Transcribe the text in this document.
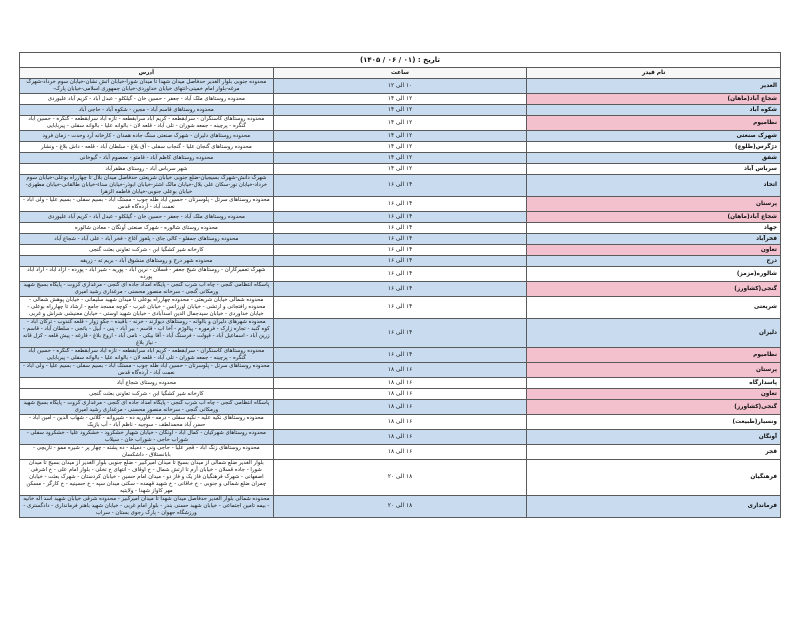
تاریخ : (۰۱ / ۰۶ / ۱۴۰۵)		
نام فیدر	ساعت	آدرس
الغدیر	۱۰ الی ۱۲	محدوده جنوبی بلوار الغدیر حدفاصل میدان شهدا تا میدان شورا-خیابان آتش نشان-خیابان سوم خرداد-شهرک مرغه-بلوار امام خمینی-انتهای خیابان خداوردی-خیابان جمهوری اسلامی-خیابان پارک-
شجاع آباد(ماهان)	۱۲ الی ۱۴	محدوده روستاهای ملک آباد - جعفر - حسین خان - گیلکلو - عبدل آباد - کریم آباد علیوردی
شکوه آباد	۱۲ الی ۱۴	محدوده روستاهای قاسم آباد - مجین - شکوه آباد - حاجی آباد
نظامیوم	۱۲ الی ۱۴	محدوده روستاهای کاسنگران - سرابقطعه - کریم آباد سرابقطعه - تازه آباد سرابقطعه - گنگره - حسین آباد گنگره - پرچینه - جمعه شوران - تلی آباد - قلعه لان - بالوانه علیا - بالوانه سفلی - پیربابایی
شهرک صنعتی	۱۲ الی ۱۴	محدوده روستاهای دلیران - شهرک صنعتی سنگ جاده همدان - کارخانه آرد وحدت - زمان فرود
دژگرس(طلوع)	۱۲ الی ۱۴	محدوده روستاهای گنجان علیا - گنجاب سفلی - آق بلاغ - سلطان آباد - قلعه - داش بلاغ - ونشار
شفق	۱۲ الی ۱۴	محدوده روستاهای کاظم آباد - قامتو - معصوم آباد - گیوخانی
سرباس آباد	۱۲ الی ۱۴	شهر سرباس آباد - روستای مظفرآباد
اتحاد	۱۴ الی ۱۶	شهرک دانش-شهرک بسیجیان-ضلع جنوبی خیابان شریعتی حدفاصل میدان بلال تا چهارراه بوعلی-خیابان سوم خرداد-خیابان نور-سکان علی بلال-خیابان مالک اشتر-خیابان ابوذر-خیابان سناء-خیابان طالقانی-خیابان مطهری-خیابان بوعلی جنوبی-خیابان فاطمه الزهرا
پرستان	۱۴ الی ۱۶	محدوده روستاهای سرتل - پلوسرتان - حسین آباد طله جوب - مستک آباد - بسیم سفلی - بسیم علیا - ولی آباد - نعمت آباد - آرده‌گاه قدس
شجاع آباد(ماهان)	۱۴ الی ۱۶	محدوده روستاهای ملک آباد - جعفر - حسین خان - گیلکلو - عبدل آباد - کریم آباد علیوردی
جهاد	۱۴ الی ۱۶	محدوده روستای شالوره - شهرک صنعتی آونگان - معادن شالوره
فخرآباد	۱۴ الی ۱۶	محدوده روستاهای جمقلو - کالی جای - پلغوز آغاج - فخر آباد - علی آباد - شجاع آباد
تعاون	۱۴ الی ۱۶	کارخانه شیر کشگیا ابن - شرکت تعاونی بعثت گنجی
درج	۱۴ الی ۱۶	محدوده شهر درج و روستاهای منشوق آباد - بریم ته - زریقه
شالوره(مزمز)	۱۴ الی ۱۶	شهرک تعمیرکاران - روستاهای شیخ جعفر - قسلان - نرین آباد - پوریه - شیر آباد - پورده - آزاد آباد - آراد آباد پورده
گنجی(کشاورز)	۱۴ الی ۱۶	پاسگاه انتظامی گنجی - چاه آب شرب گنجی - پایگاه امداد جاده ای گنجی - مرغداری کروت - پایگاه بسیج شهید ورمکانی گنجی - سرخانه منصور محسنی - مرغداری رشید امیری
شریعتی	۱۴ الی ۱۶	محدوده شمالی خیابان شریعتی - محدوده چهارراه بوعلی تا میدان شهید سلیمانی - خیابان پوهش شمالی - محدوده رافتجانی و ارتشی - خیابان اورزانس - خیابان غیرب - کوچه مسجد جامع - ارشاد تا چهارراه بوعلی - خیابان خداوردی - خیابان سیدجمال الدین اسدآبادی - خیابان شهید اوستی - خیابان معنیشی شراش و غربی
دلیران	۱۴ الی ۱۶	محدوده شهرهای دلیران و بالوانه - روستاهای دیوازند - خرنه - باقیده - جکو زوار - قلعه کندوب - ترکان آباد - کوه گنبد - تجاره زارک - فرموره - پیالوژم - آخا اب - قاسم - بیر آباد - پنی - آبیل - باتجی - سلطان آباد - قاسم - زرین آباد - اسماعیل آباد - قپولت - فرسنگ آباد - آقا بیکی - نامی آباد - اروج بلاغ - قارغه - پیش قلعه - کزل قانه - نیاز بلاغ
نظامیوم	۱۴ الی ۱۶	محدوده روستاهای کاسنگران - سرابقطعه - کریم آباد سرابقطعه - تازه آباد سرابقطعه - گنگره - حسین آباد گنگره - پرچینه - جمعه شوران - تلی آباد - قلعه لان - بالوانه علیا - بالوانه سفلی - پیربابایی
پرستان	۱۶ الی ۱۸	محدوده روستاهای سرتل - پلوسرتان - حسین آباد طله جوب - مستک آباد - بسیم سفلی - بسیم علیا - ولی آباد - نعمت آباد - آرده‌گاه قدس
پاسدارگاه	۱۶ الی ۱۸	محدوده روستای شجاع آباد
تعاون	۱۶ الی ۱۸	کارخانه شیر کشگیا ابن - شرکت تعاونی بعثت گنجی
گنجی(کشاورز)	۱۶ الی ۱۸	پاسگاه انتظامی گنجی - چاه آب شرب گنجی - پایگاه امداد جاده ای گنجی - مرغداری کروت - پایگاه بسیج شهید ورمکانی گنجی - سرخانه منصور محسنی - مرغداری رشید امیری
ونسبار(طبیعت)	۱۶ الی ۱۸	محدوده روستاهای نکیه علیه - نکیه سفلی - درمه - قاوریه ده - شیروانه - گلانی - شهاب الدین - امین آباد - حسن آباد محمدلطف - سوجیه - ناظم آباد - آب بازیک
آونگان	۱۶ الی ۱۸	محدوده روستاهای شهرکیان - کمال آباد - آونگان - خیابان شهیار خشکرود - خشکرود علیا - خشکرود سفلی - شوراب حاجی - شوراب خان - سیلاب
قجر	۱۶ الی ۱۸	محدوده روستاهای زنگ آباد - قجر علیا - حاجی ونی - دمیله - ده پشته - چهار پر - شیره ممو - تازیچی - بابانستلاق - داشکسان
فرهنگیان	۱۸ الی ۲۰	بلوار الغدیر ضلع شمالی از میدان بسیج تا میدان امیرکبیر - ضلع جنوبی بلوار الغدیر از میدان بسیج تا میدان شورا - جاده قسلان - خیابان آرم تا ارتش شمال - خ اوقاف - انتهای خ تخلی - بلوار امام علی - خ اشرفی اصفهانی - شهرک فرهنگیان فاز یک و فاز دو - میدان امام حسین - خیابان کردستان - شهرک بعثت - خیابان چمران ضلع شمالی و جنوبی - خ خاقانی - خ شهید قهمده - سکنی میدان سپه - خ حسینیه - خ کارگر - مسکن مهر کاواز شهدا - ولایتیه
فرمانداری	۱۸ الی ۲۰	محدوده شمالی بلوار الغدیر حدفاصل میدان شهدا تا میدان امیرکبیر - محدوده شرقی خیابان شهید اسد اله خانیه - بیمه تامین اجتماعی - خیابان شهید حسنی بندر - بلوار امام غربی - خیابان شهید باهنر فرمانداری - دادگستری - ورزشگاه جهوان - پارک رجوی بستان - سراب
